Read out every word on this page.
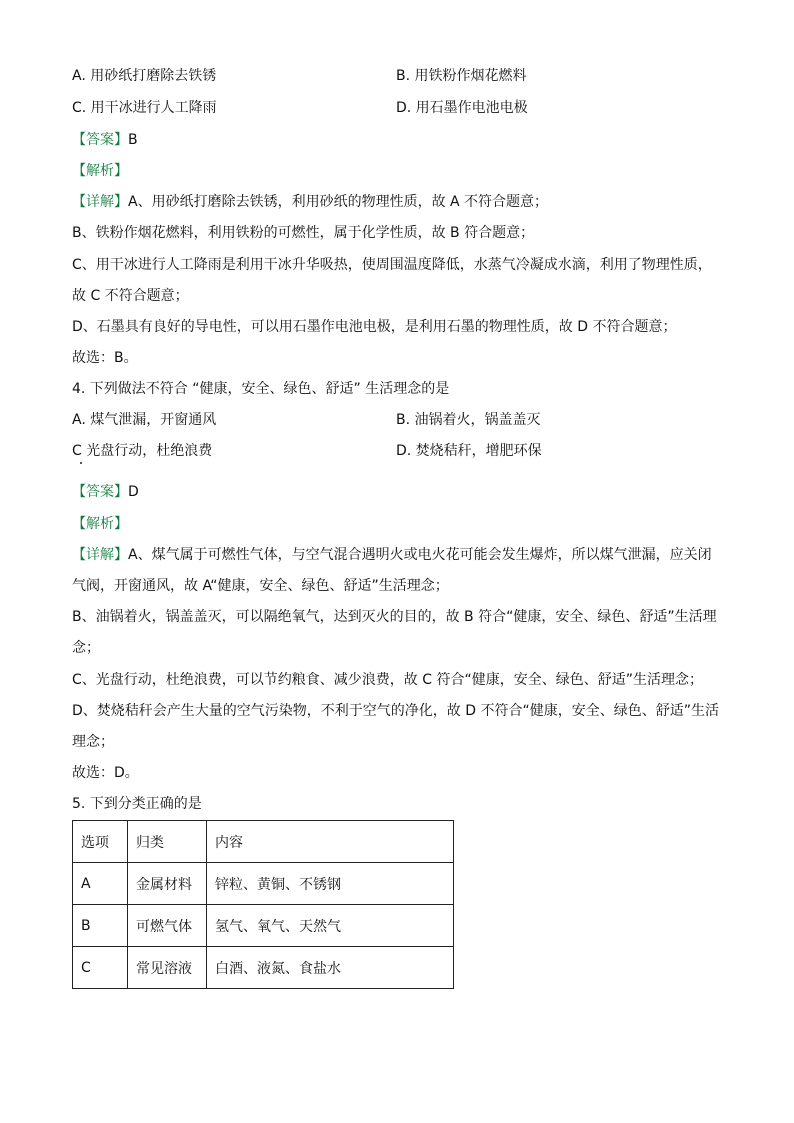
A. 用砂纸打磨除去铁锈	B. 用铁粉作烟花燃料
C. 用干冰进行人工降雨	D. 用石墨作电池电极
【答案】B
【解析】
【详解】A、用砂纸打磨除去铁锈，利用砂纸的物理性质，故 A 不符合题意；
B、铁粉作烟花燃料，利用铁粉的可燃性，属于化学性质，故 B 符合题意；
C、用干冰进行人工降雨是利用干冰升华吸热，使周围温度降低，水蒸气冷凝成水滴，利用了物理性质，
故 C 不符合题意；
D、石墨具有良好的导电性，可以用石墨作电池电极，是利用石墨的物理性质，故 D 不符合题意；
故选：B。
4. 下列做法不符合 “健康，安全、绿色、舒适” 生活理念的是
A. 煤气泄漏，开窗通风	B. 油锅着火，锅盖盖灭
C 光盘行动，杜绝浪费	D. 焚烧秸秆，增肥环保
【答案】D
【解析】
【详解】A、煤气属于可燃性气体，与空气混合遇明火或电火花可能会发生爆炸，所以煤气泄漏，应关闭
气阀，开窗通风，故 A“健康，安全、绿色、舒适”生活理念；
B、油锅着火，锅盖盖灭，可以隔绝氧气，达到灭火的目的，故 B 符合“健康，安全、绿色、舒适”生活理
念；
C、光盘行动，杜绝浪费，可以节约粮食、减少浪费，故 C 符合“健康，安全、绿色、舒适”生活理念；
D、焚烧秸秆会产生大量的空气污染物，不利于空气的净化，故 D 不符合“健康，安全、绿色、舒适”生活
理念；
故选：D。
5. 下到分类正确的是
选项	归类	内容
A	金属材料	锌粒、黄铜、不锈钢
B	可燃气体	氢气、氧气、天然气
C	常见溶液	白酒、液氮、食盐水
